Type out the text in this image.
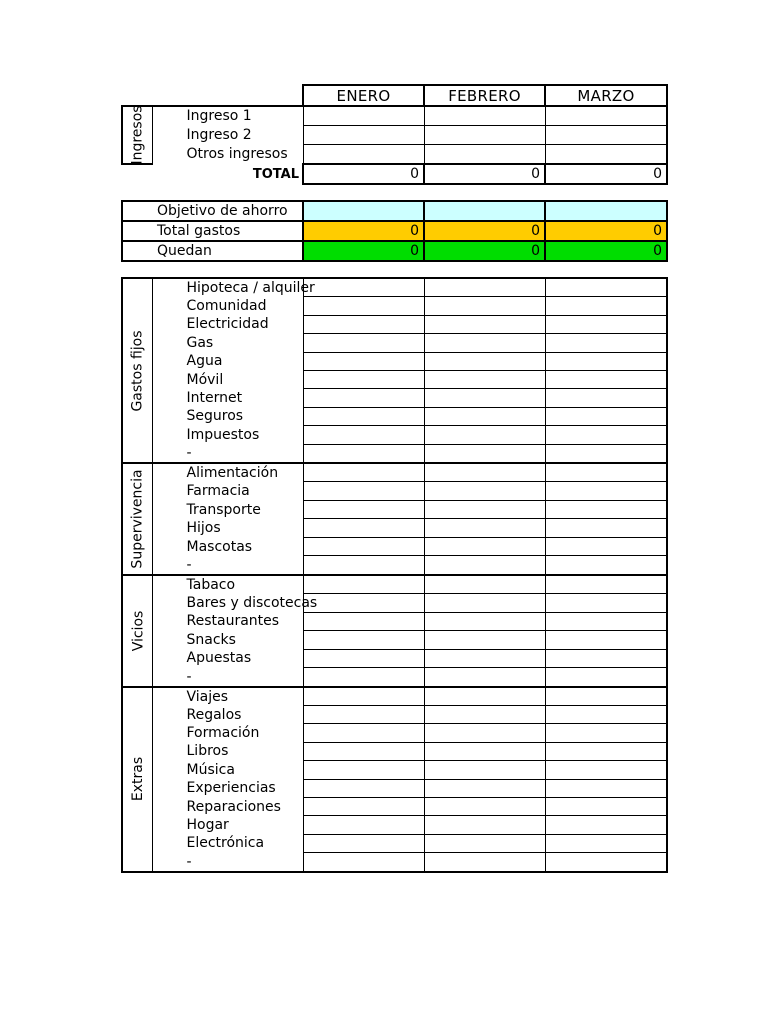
ENERO	FEBRERO	MARZO
Ingresos	Ingreso 1			
	Ingreso 2			
	Otros ingresos			
TOTAL		0	0	0
Objetivo de ahorro			
Total gastos	0	0	0
Quedan	0	0	0
Gastos fijos	Hipoteca / alquiler			
	Comunidad			
	Electricidad			
	Gas			
	Agua			
	Móvil			
	Internet			
	Seguros			
	Impuestos			
	-			

Supervivencia	Alimentación			
	Farmacia			
	Transporte			
	Hijos			
	Mascotas			
	-			

Vicios	Tabaco			
	Bares y discotecas			
	Restaurantes			
	Snacks			
	Apuestas			
	-			

Extras	Viajes			
	Regalos			
	Formación			
	Libros			
	Música			
	Experiencias			
	Reparaciones			
	Hogar			
	Electrónica			
	-			
